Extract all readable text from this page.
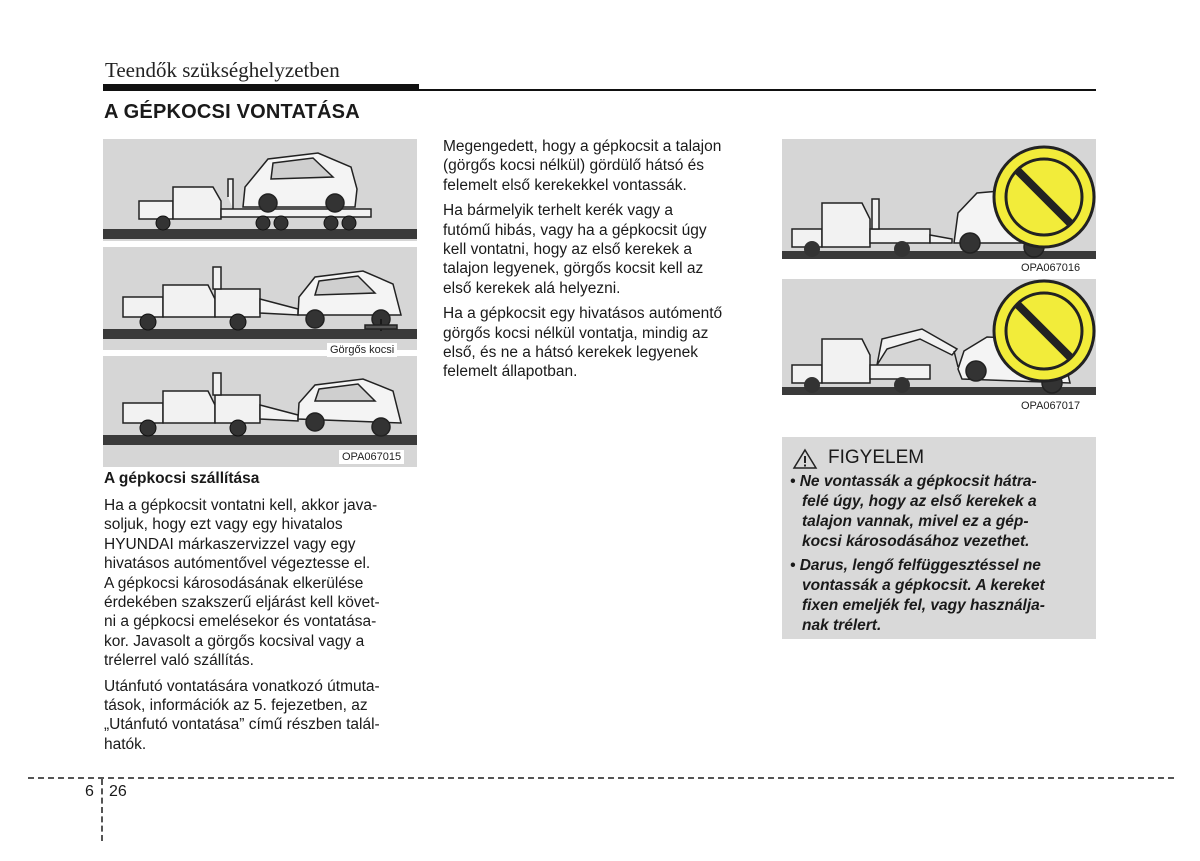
Teendők szükséghelyzetben
A GÉPKOCSI VONTATÁSA
Görgős kocsi
OPA067015
A gépkocsi szállítása

Ha a gépkocsit vontatni kell, akkor java-
soljuk, hogy ezt vagy egy hivatalos
HYUNDAI márkaszervizzel vagy egy
hivatásos autómentővel végeztesse el.
A gépkocsi károsodásának elkerülése
érdekében szakszerű eljárást kell követ-
ni a gépkocsi emelésekor és vontatása-
kor. Javasolt a görgős kocsival vagy a
trélerrel való szállítás.

Utánfutó vontatására vonatkozó útmuta-
tások, információk az 5. fejezetben, az
„Utánfutó vontatása” című részben talál-
hatók.

Megengedett, hogy a gépkocsit a talajon
(görgős kocsi nélkül) gördülő hátsó és
felemelt első kerekekkel vontassák.

Ha bármelyik terhelt kerék vagy a
futómű hibás, vagy ha a gépkocsit úgy
kell vontatni, hogy az első kerekek a
talajon legyenek, görgős kocsit kell az
első kerekek alá helyezni.

Ha a gépkocsit egy hivatásos autómentő
görgős kocsi nélkül vontatja, mindig az
első, és ne a hátsó kerekek legyenek
felemelt állapotban.

OPA067016
OPA067017
FIGYELEM
• Ne vontassák a gépkocsit hátra-
felé úgy, hogy az első kerekek a
talajon vannak, mivel ez a gép-
kocsi károsodásához vezethet.
• Darus, lengő felfüggesztéssel ne
vontassák a gépkocsit. A kereket
fixen emeljék fel, vagy használja-
nak trélert.
6 26
